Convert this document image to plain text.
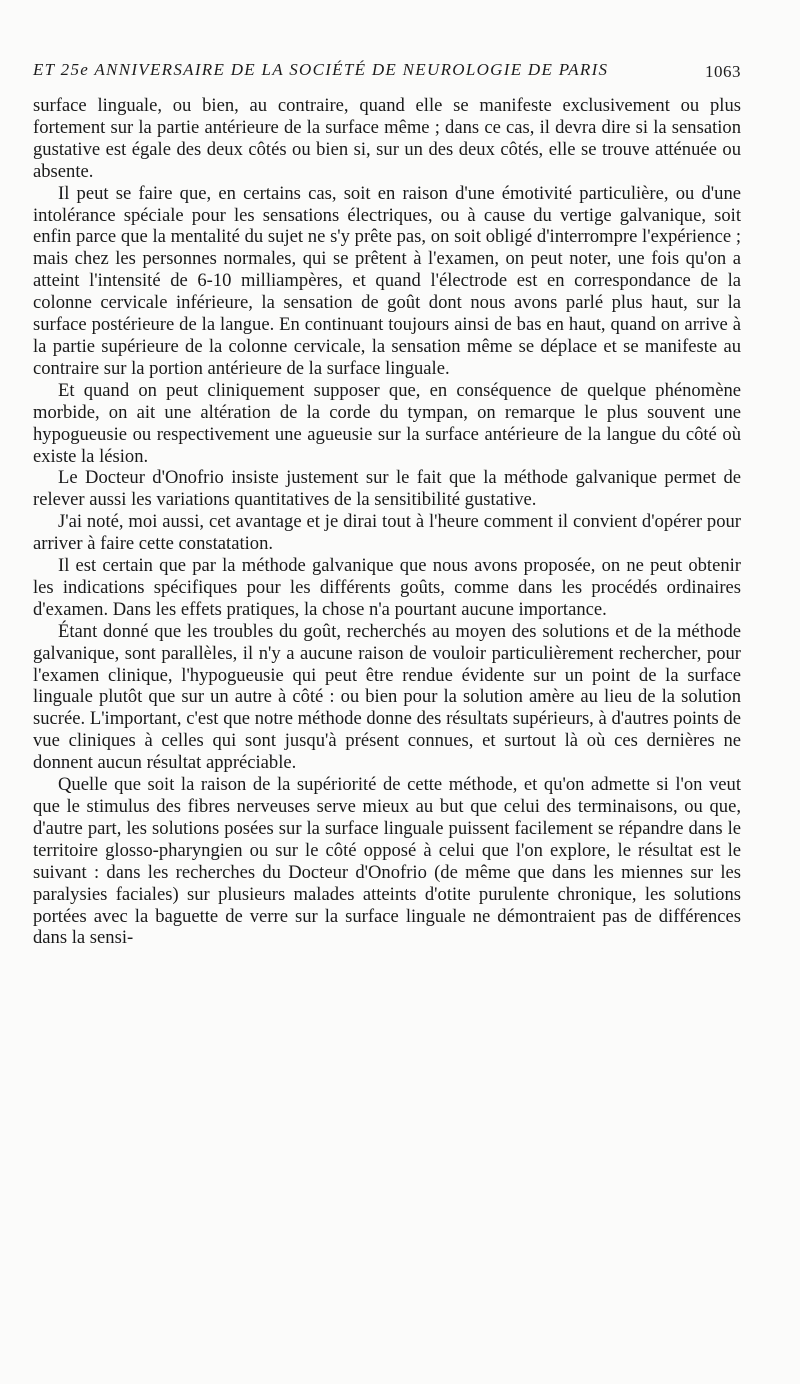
ET 25e ANNIVERSAIRE DE LA SOCIÉTÉ DE NEUROLOGIE DE PARIS	1063

surface linguale, ou bien, au contraire, quand elle se manifeste exclusivement ou plus fortement sur la partie antérieure de la surface même ; dans ce cas, il devra dire si la sensation gustative est égale des deux côtés ou bien si, sur un des deux côtés, elle se trouve atténuée ou absente.

Il peut se faire que, en certains cas, soit en raison d'une émotivité particulière, ou d'une intolérance spéciale pour les sensations électriques, ou à cause du vertige galvanique, soit enfin parce que la mentalité du sujet ne s'y prête pas, on soit obligé d'interrompre l'expérience ; mais chez les personnes normales, qui se prêtent à l'examen, on peut noter, une fois qu'on a atteint l'intensité de 6-10 milliampères, et quand l'électrode est en correspondance de la colonne cervicale inférieure, la sensation de goût dont nous avons parlé plus haut, sur la surface postérieure de la langue. En continuant toujours ainsi de bas en haut, quand on arrive à la partie supérieure de la colonne cervicale, la sensation même se déplace et se manifeste au contraire sur la portion antérieure de la surface linguale.

Et quand on peut cliniquement supposer que, en conséquence de quelque phénomène morbide, on ait une altération de la corde du tympan, on remarque le plus souvent une hypogueusie ou respectivement une agueusie sur la surface antérieure de la langue du côté où existe la lésion.

Le Docteur d'Onofrio insiste justement sur le fait que la méthode galvanique permet de relever aussi les variations quantitatives de la sensitibilité gustative.

J'ai noté, moi aussi, cet avantage et je dirai tout à l'heure comment il convient d'opérer pour arriver à faire cette constatation.

Il est certain que par la méthode galvanique que nous avons proposée, on ne peut obtenir les indications spécifiques pour les différents goûts, comme dans les procédés ordinaires d'examen. Dans les effets pratiques, la chose n'a pourtant aucune importance.

Étant donné que les troubles du goût, recherchés au moyen des solutions et de la méthode galvanique, sont parallèles, il n'y a aucune raison de vouloir particulièrement rechercher, pour l'examen clinique, l'hypogueusie qui peut être rendue évidente sur un point de la surface linguale plutôt que sur un autre à côté : ou bien pour la solution amère au lieu de la solution sucrée. L'important, c'est que notre méthode donne des résultats supérieurs, à d'autres points de vue cliniques à celles qui sont jusqu'à présent connues, et surtout là où ces dernières ne donnent aucun résultat appréciable.

Quelle que soit la raison de la supériorité de cette méthode, et qu'on admette si l'on veut que le stimulus des fibres nerveuses serve mieux au but que celui des terminaisons, ou que, d'autre part, les solutions posées sur la surface linguale puissent facilement se répandre dans le territoire glosso-pharyngien ou sur le côté opposé à celui que l'on explore, le résultat est le suivant : dans les recherches du Docteur d'Onofrio (de même que dans les miennes sur les paralysies faciales) sur plusieurs malades atteints d'otite purulente chronique, les solutions portées avec la baguette de verre sur la surface linguale ne démontraient pas de différences dans la sensi-
